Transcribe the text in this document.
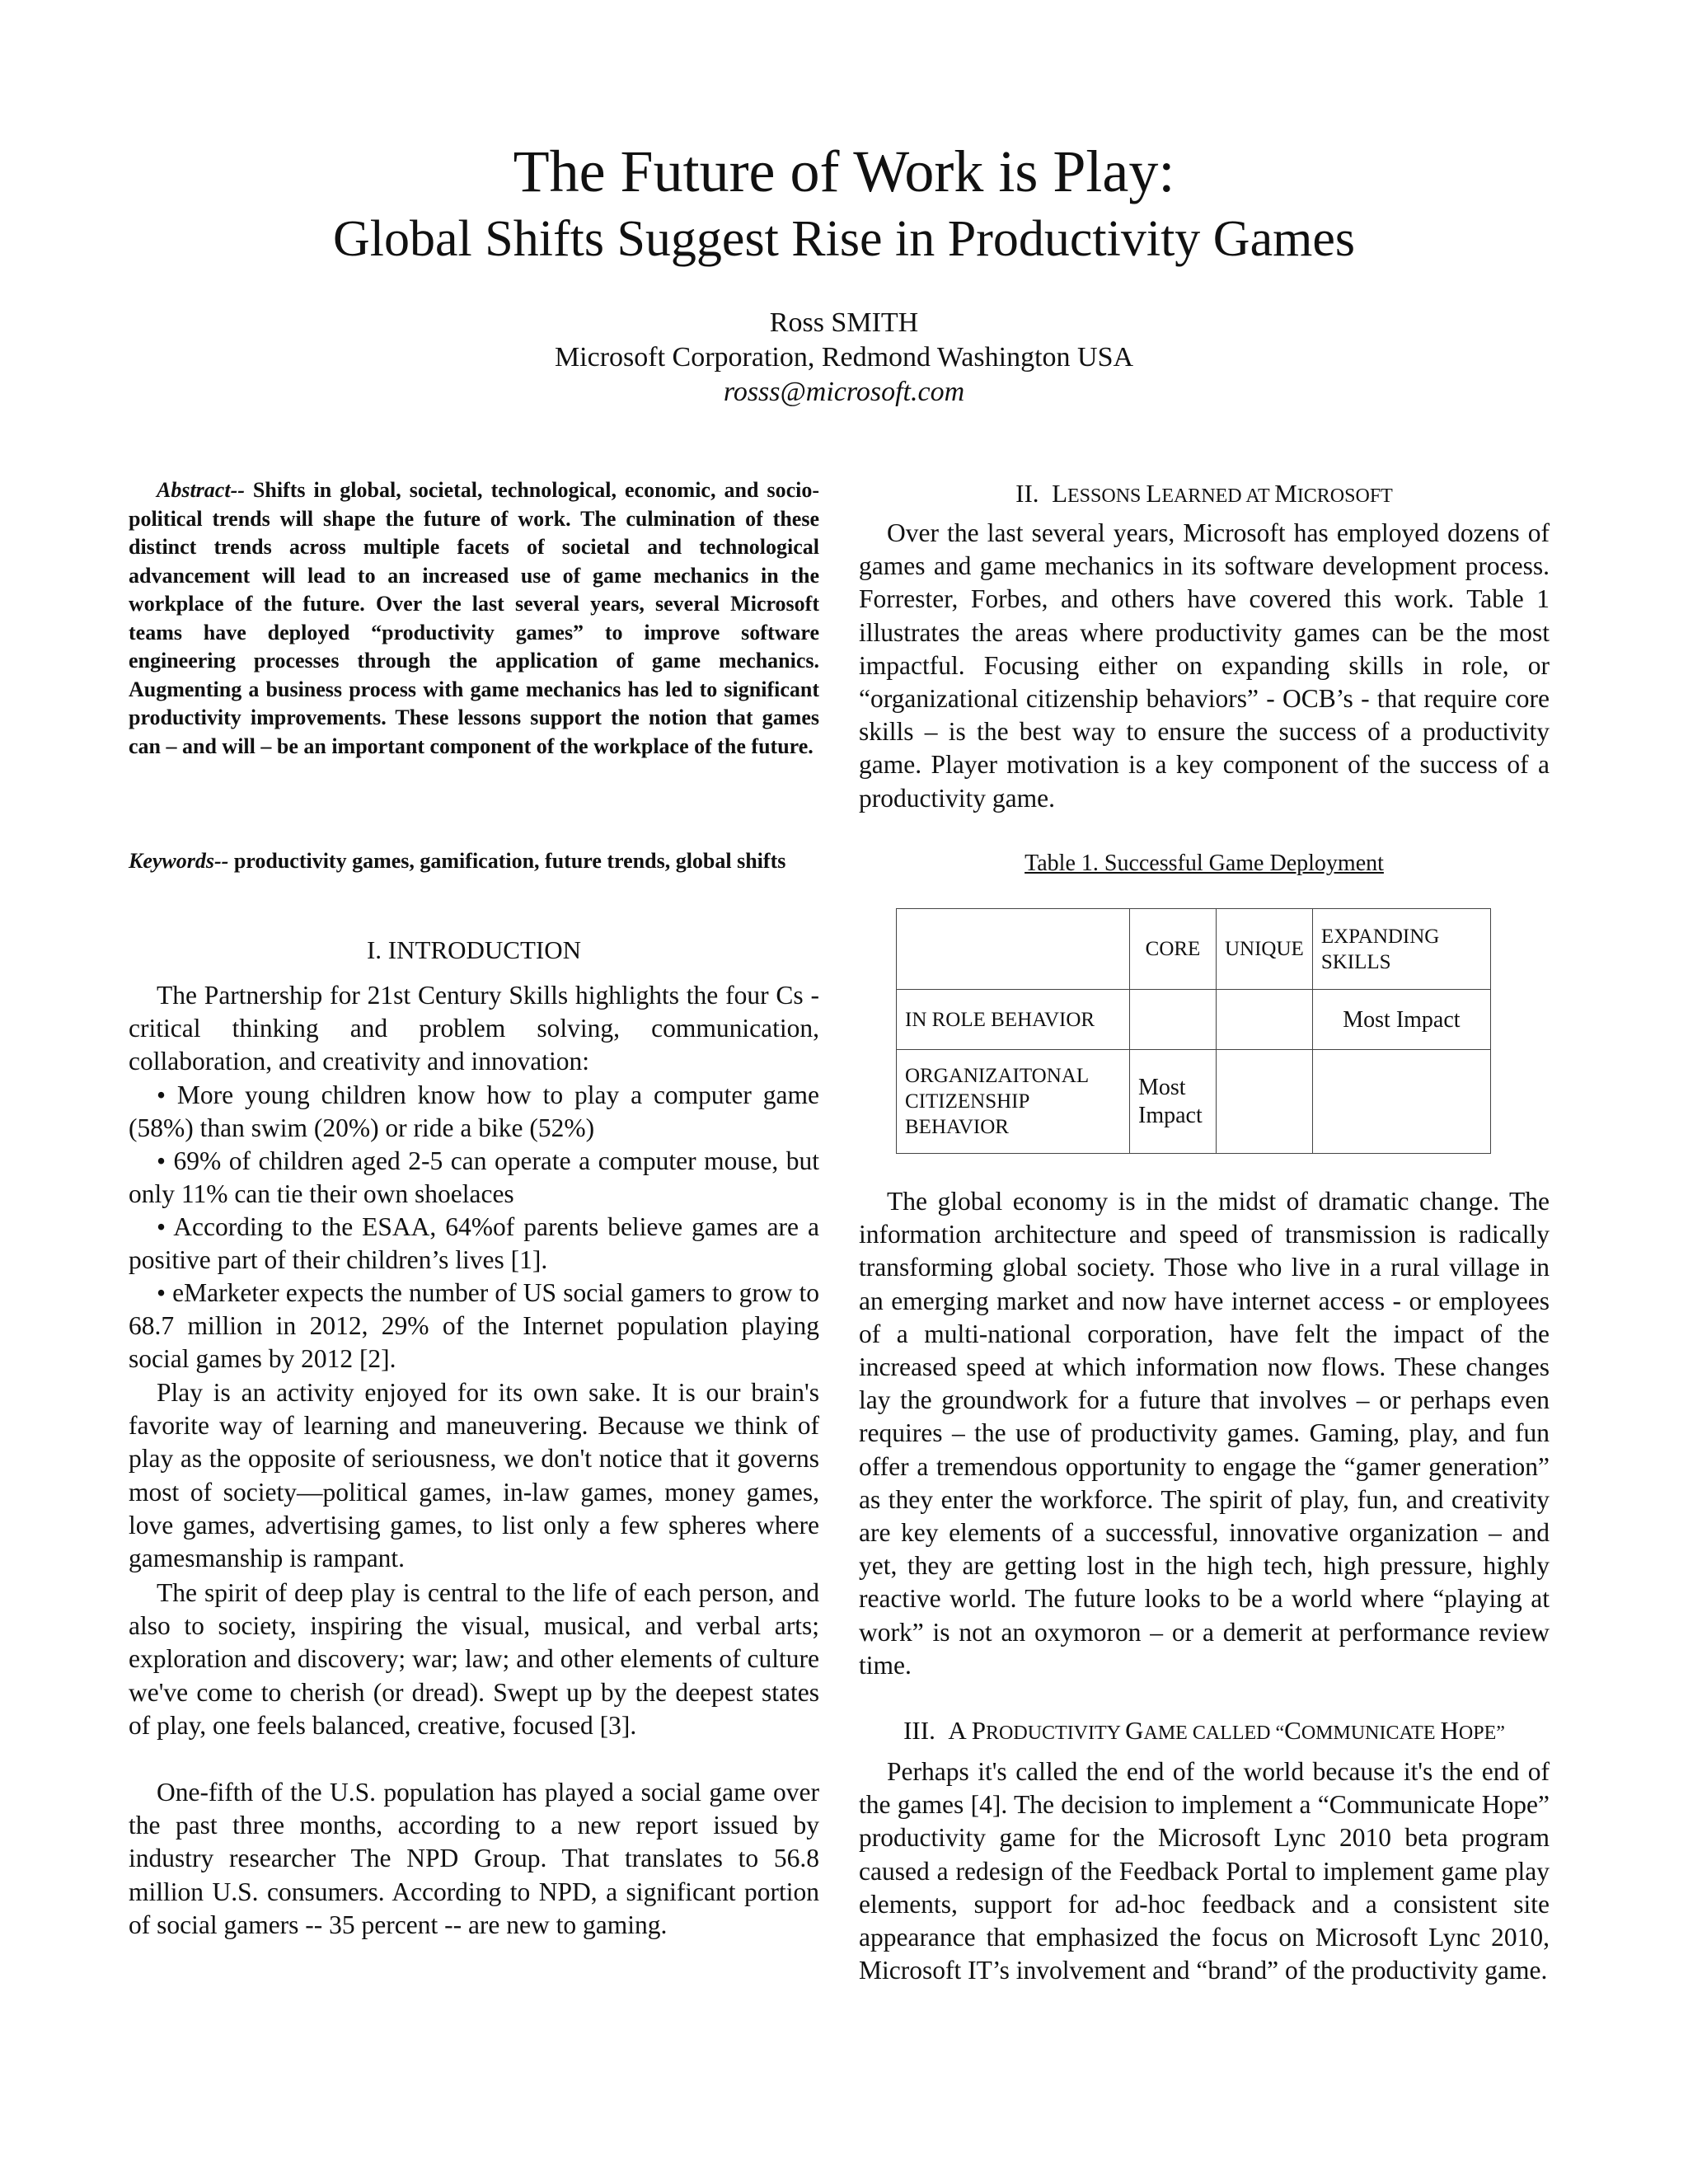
The Future of Work is Play:
Global Shifts Suggest Rise in Productivity Games
Ross SMITH
Microsoft Corporation, Redmond Washington USA
rosss@microsoft.com

Abstract-- Shifts in global, societal, technological, economic, and socio-political trends will shape the future of work. The culmination of these distinct trends across multiple facets of societal and technological advancement will lead to an increased use of game mechanics in the workplace of the future. Over the last several years, several Microsoft teams have deployed “productivity games” to improve software engineering processes through the application of game mechanics. Augmenting a business process with game mechanics has led to significant productivity improvements. These lessons support the notion that games can – and will – be an important component of the workplace of the future.

Keywords-- productivity games, gamification, future trends, global shifts

I. INTRODUCTION

The Partnership for 21st Century Skills highlights the four Cs - critical thinking and problem solving, communication, collaboration, and creativity and innovation:

• More young children know how to play a computer game (58%) than swim (20%) or ride a bike (52%)

• 69% of children aged 2-5 can operate a computer mouse, but only 11% can tie their own shoelaces

• According to the ESAA, 64%of parents believe games are a positive part of their children’s lives [1].

• eMarketer expects the number of US social gamers to grow to 68.7 million in 2012, 29% of the Internet population playing social games by 2012 [2].

Play is an activity enjoyed for its own sake. It is our brain's favorite way of learning and maneuvering. Because we think of play as the opposite of seriousness, we don't notice that it governs most of society—political games, in-law games, money games, love games, advertising games, to list only a few spheres where gamesmanship is rampant.

The spirit of deep play is central to the life of each person, and also to society, inspiring the visual, musical, and verbal arts; exploration and discovery; war; law; and other elements of culture we've come to cherish (or dread). Swept up by the deepest states of play, one feels balanced, creative, focused [3].

One-fifth of the U.S. population has played a social game over the past three months, according to a new report issued by industry researcher The NPD Group. That translates to 56.8 million U.S. consumers. According to NPD, a significant portion of social gamers -- 35 percent -- are new to gaming.

II. LESSONS LEARNED AT MICROSOFT

Over the last several years, Microsoft has employed dozens of games and game mechanics in its software development process. Forrester, Forbes, and others have covered this work. Table 1 illustrates the areas where productivity games can be the most impactful. Focusing either on expanding skills in role, or “organizational citizenship behaviors” - OCB’s - that require core skills – is the best way to ensure the success of a productivity game. Player motivation is a key component of the success of a productivity game.

Table 1. Successful Game Deployment
	CORE	UNIQUE	EXPANDING SKILLS
IN ROLE BEHAVIOR			Most Impact
ORGANIZAITONAL CITIZENSHIP BEHAVIOR	Most Impact		

The global economy is in the midst of dramatic change. The information architecture and speed of transmission is radically transforming global society. Those who live in a rural village in an emerging market and now have internet access - or employees of a multi-national corporation, have felt the impact of the increased speed at which information now flows. These changes lay the groundwork for a future that involves – or perhaps even requires – the use of productivity games. Gaming, play, and fun offer a tremendous opportunity to engage the “gamer generation” as they enter the workforce. The spirit of play, fun, and creativity are key elements of a successful, innovative organization – and yet, they are getting lost in the high tech, high pressure, highly reactive world. The future looks to be a world where “playing at work” is not an oxymoron – or a demerit at performance review time.

III. A PRODUCTIVITY GAME CALLED “COMMUNICATE HOPE”

Perhaps it's called the end of the world because it's the end of the games [4]. The decision to implement a “Communicate Hope” productivity game for the Microsoft Lync 2010 beta program caused a redesign of the Feedback Portal to implement game play elements, support for ad-hoc feedback and a consistent site appearance that emphasized the focus on Microsoft Lync 2010, Microsoft IT’s involvement and “brand” of the productivity game.
